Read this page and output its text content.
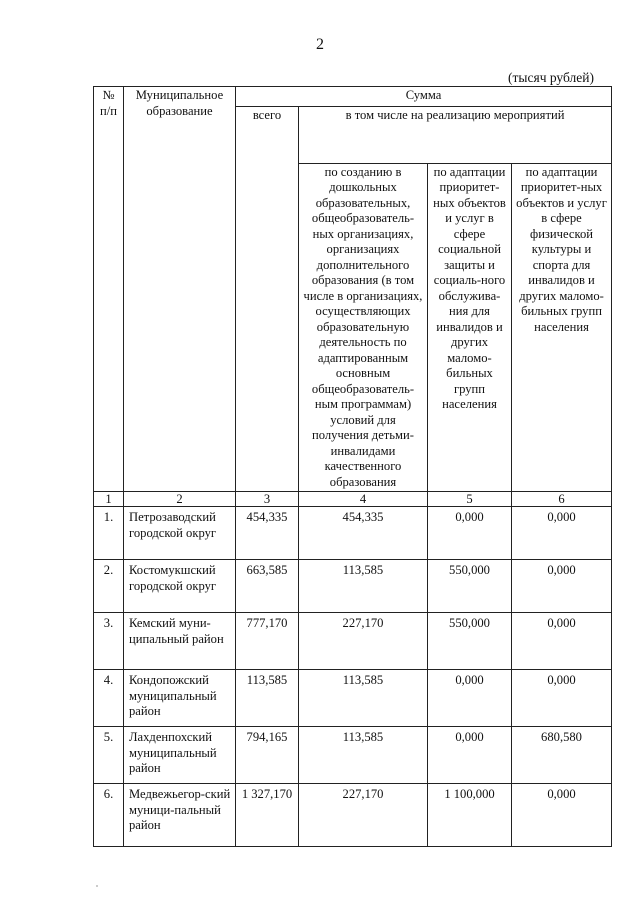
2
(тысяч рублей)
№ п/п	Муниципальное образование	Сумма			
		всего	в том числе на реализацию мероприятий		
			по созданию в дошкольных образовательных, общеобразователь-ных организациях, организациях дополнительного образования (в том числе в организациях, осуществляющих образовательную деятельность по адаптированным основным общеобразователь-ным программам) условий для получения детьми-инвалидами качественного образования	по адаптации приоритет-ных объектов и услуг в сфере социальной защиты и социаль-ного обслужива-ния для инвалидов и других маломо-бильных групп населения	по адаптации приоритет-ных объектов и услуг в сфере физической культуры и спорта для инвалидов и других маломо-бильных групп населения
1	2	3	4	5	6
1.	Петрозаводский городской округ	454,335	454,335	0,000	0,000
2.	Костомукшский городской округ	663,585	113,585	550,000	0,000
3.	Кемский муни-ципальный район	777,170	227,170	550,000	0,000
4.	Кондопожский муниципальный район	113,585	113,585	0,000	0,000
5.	Лахденпохский муниципальный район	794,165	113,585	0,000	680,580
6.	Медвежьегор-ский муници-пальный район	1 327,170	227,170	1 100,000	0,000
